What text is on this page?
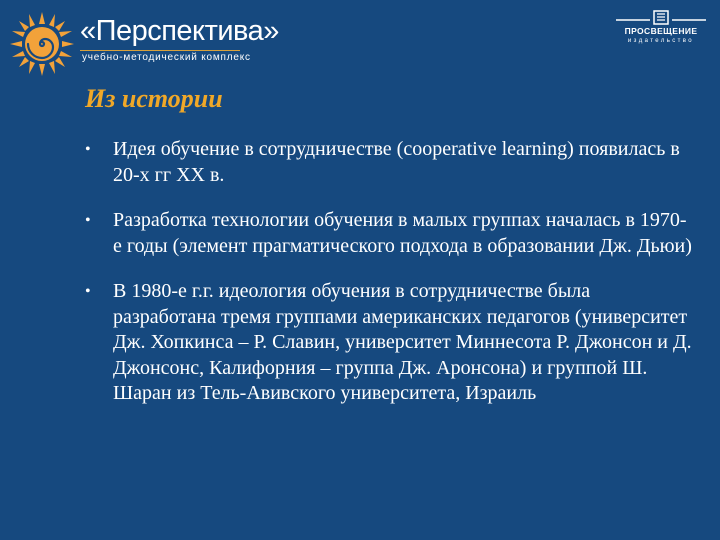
«Перспектива»
учебно-методический комплекс
ПРОСВЕЩЕНИЕ
издательство
Из истории
• Идея обучение в сотрудничестве (cooperative learning) появилась в 20-х гг ХХ в.
• Разработка технологии обучения в малых группах началась в 1970-е годы (элемент прагматического подхода в образовании Дж. Дьюи)
• В 1980-е г.г. идеология обучения в сотрудничестве была разработана тремя группами американских педагогов (университет Дж. Хопкинса – Р. Славин, университет Миннесота Р. Джонсон и Д. Джонсонс, Калифорния – группа Дж. Аронсона) и группой Ш. Шаран из Тель-Авивского университета, Израиль
